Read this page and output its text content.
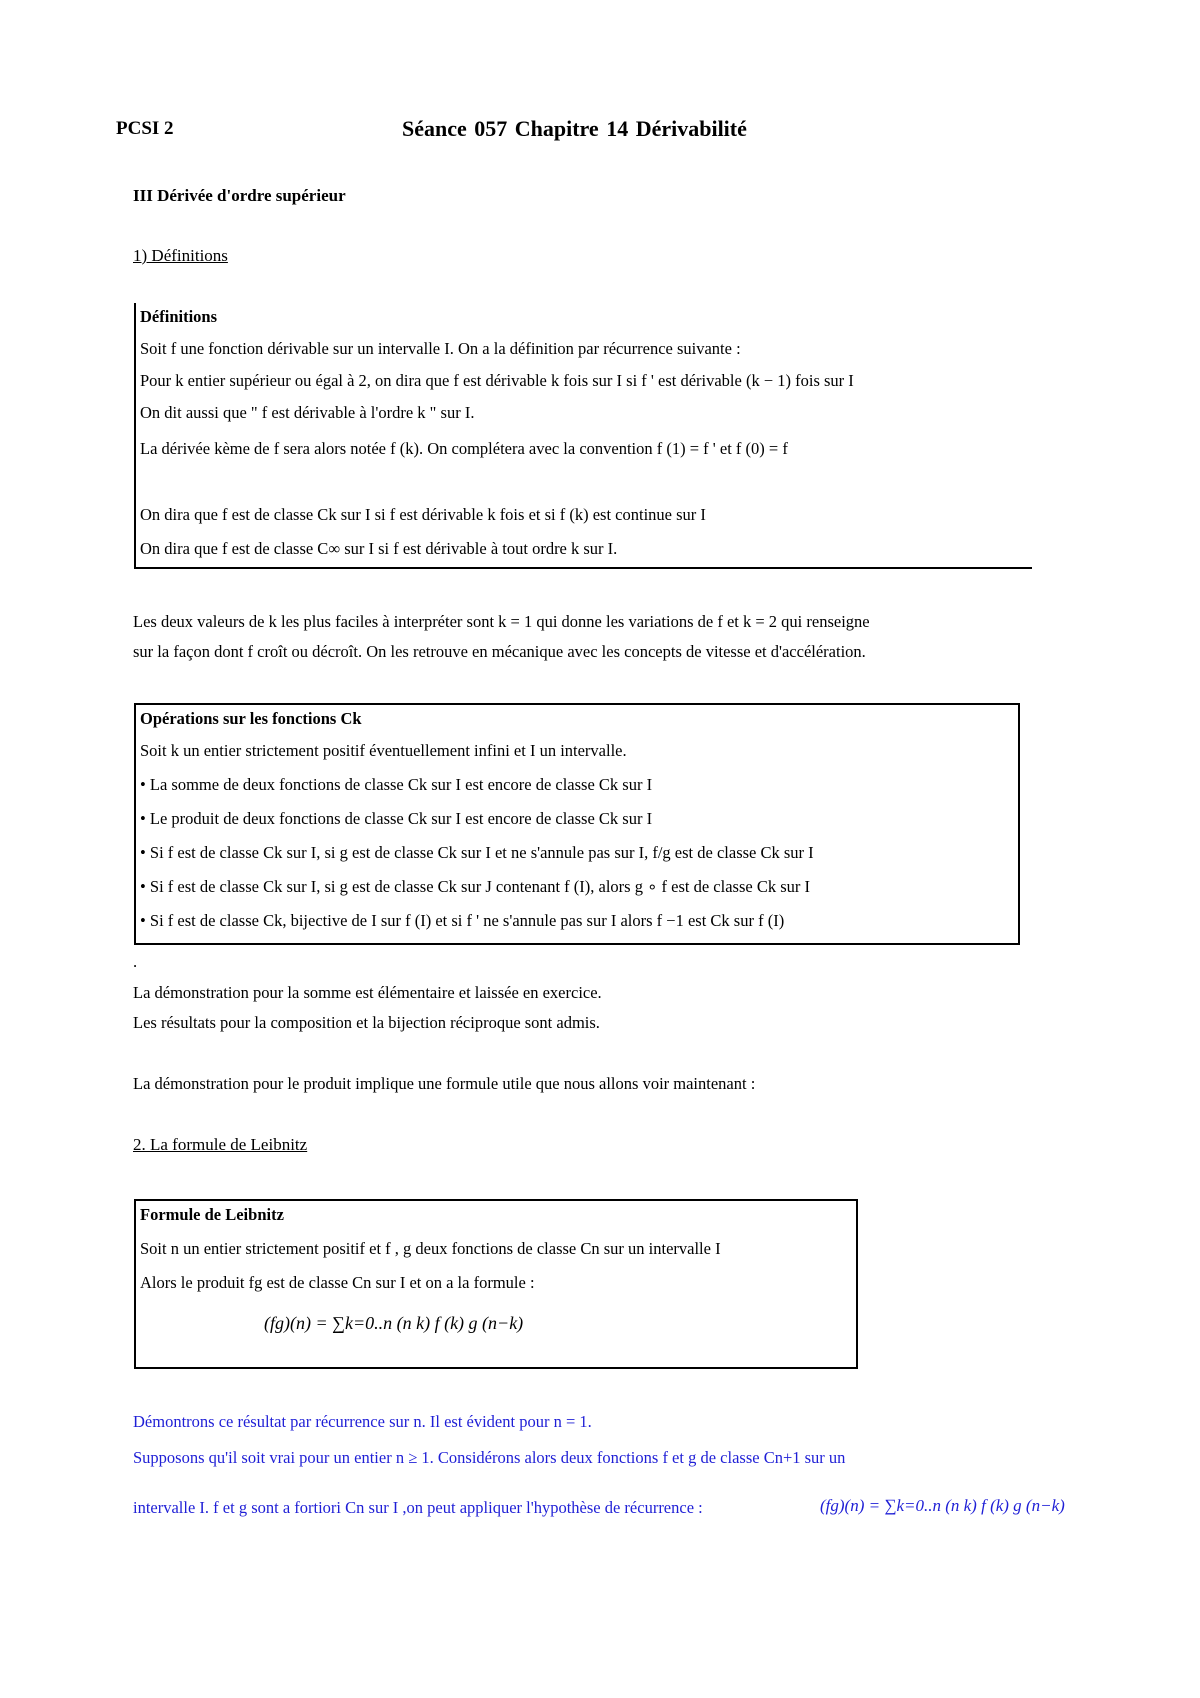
PCSI 2	Séance 057 Chapitre 14 Dérivabilité
III Dérivée d'ordre supérieur
1) Définitions
Définitions
Soit f une fonction dérivable sur un intervalle I. On a la définition par récurrence suivante :
Pour k entier supérieur ou égal à 2, on dira que f est dérivable k fois sur I si f ' est dérivable (k − 1) fois sur I
On dit aussi que " f est dérivable à l'ordre k " sur I.
La dérivée kème de f sera alors notée f (k). On complétera avec la convention f (1) = f ' et f (0) = f
On dira que f est de classe Ck sur I si f est dérivable k fois et si f (k) est continue sur I
On dira que f est de classe C∞ sur I si f est dérivable à tout ordre k sur I.
Les deux valeurs de k les plus faciles à interpréter sont k = 1 qui donne les variations de f et k = 2 qui renseigne
sur la façon dont f croît ou décroît. On les retrouve en mécanique avec les concepts de vitesse et d'accélération.
Opérations sur les fonctions Ck
Soit k un entier strictement positif éventuellement infini et I un intervalle.
• La somme de deux fonctions de classe Ck sur I est encore de classe Ck sur I
• Le produit de deux fonctions de classe Ck sur I est encore de classe Ck sur I
• Si f est de classe Ck sur I, si g est de classe Ck sur I et ne s'annule pas sur I, f/g est de classe Ck sur I
• Si f est de classe Ck sur I, si g est de classe Ck sur J contenant f (I), alors g ∘ f est de classe Ck sur I
• Si f est de classe Ck, bijective de I sur f (I) et si f ' ne s'annule pas sur I alors f −1 est Ck sur f (I)
.
La démonstration pour la somme est élémentaire et laissée en exercice.
Les résultats pour la composition et la bijection réciproque sont admis.
La démonstration pour le produit implique une formule utile que nous allons voir maintenant :
2. La formule de Leibnitz
Formule de Leibnitz
Soit n un entier strictement positif et f , g deux fonctions de classe Cn sur un intervalle I
Alors le produit fg est de classe Cn sur I et on a la formule :
(fg)(n) = ∑k=0..n (n k) f (k) g (n−k)
Démontrons ce résultat par récurrence sur n. Il est évident pour n = 1.
Supposons qu'il soit vrai pour un entier n ≥ 1. Considérons alors deux fonctions f et g de classe Cn+1 sur un
intervalle I. f et g sont a fortiori Cn sur I ,on peut appliquer l'hypothèse de récurrence :	(fg)(n) = ∑k=0..n (n k) f (k) g (n−k)
